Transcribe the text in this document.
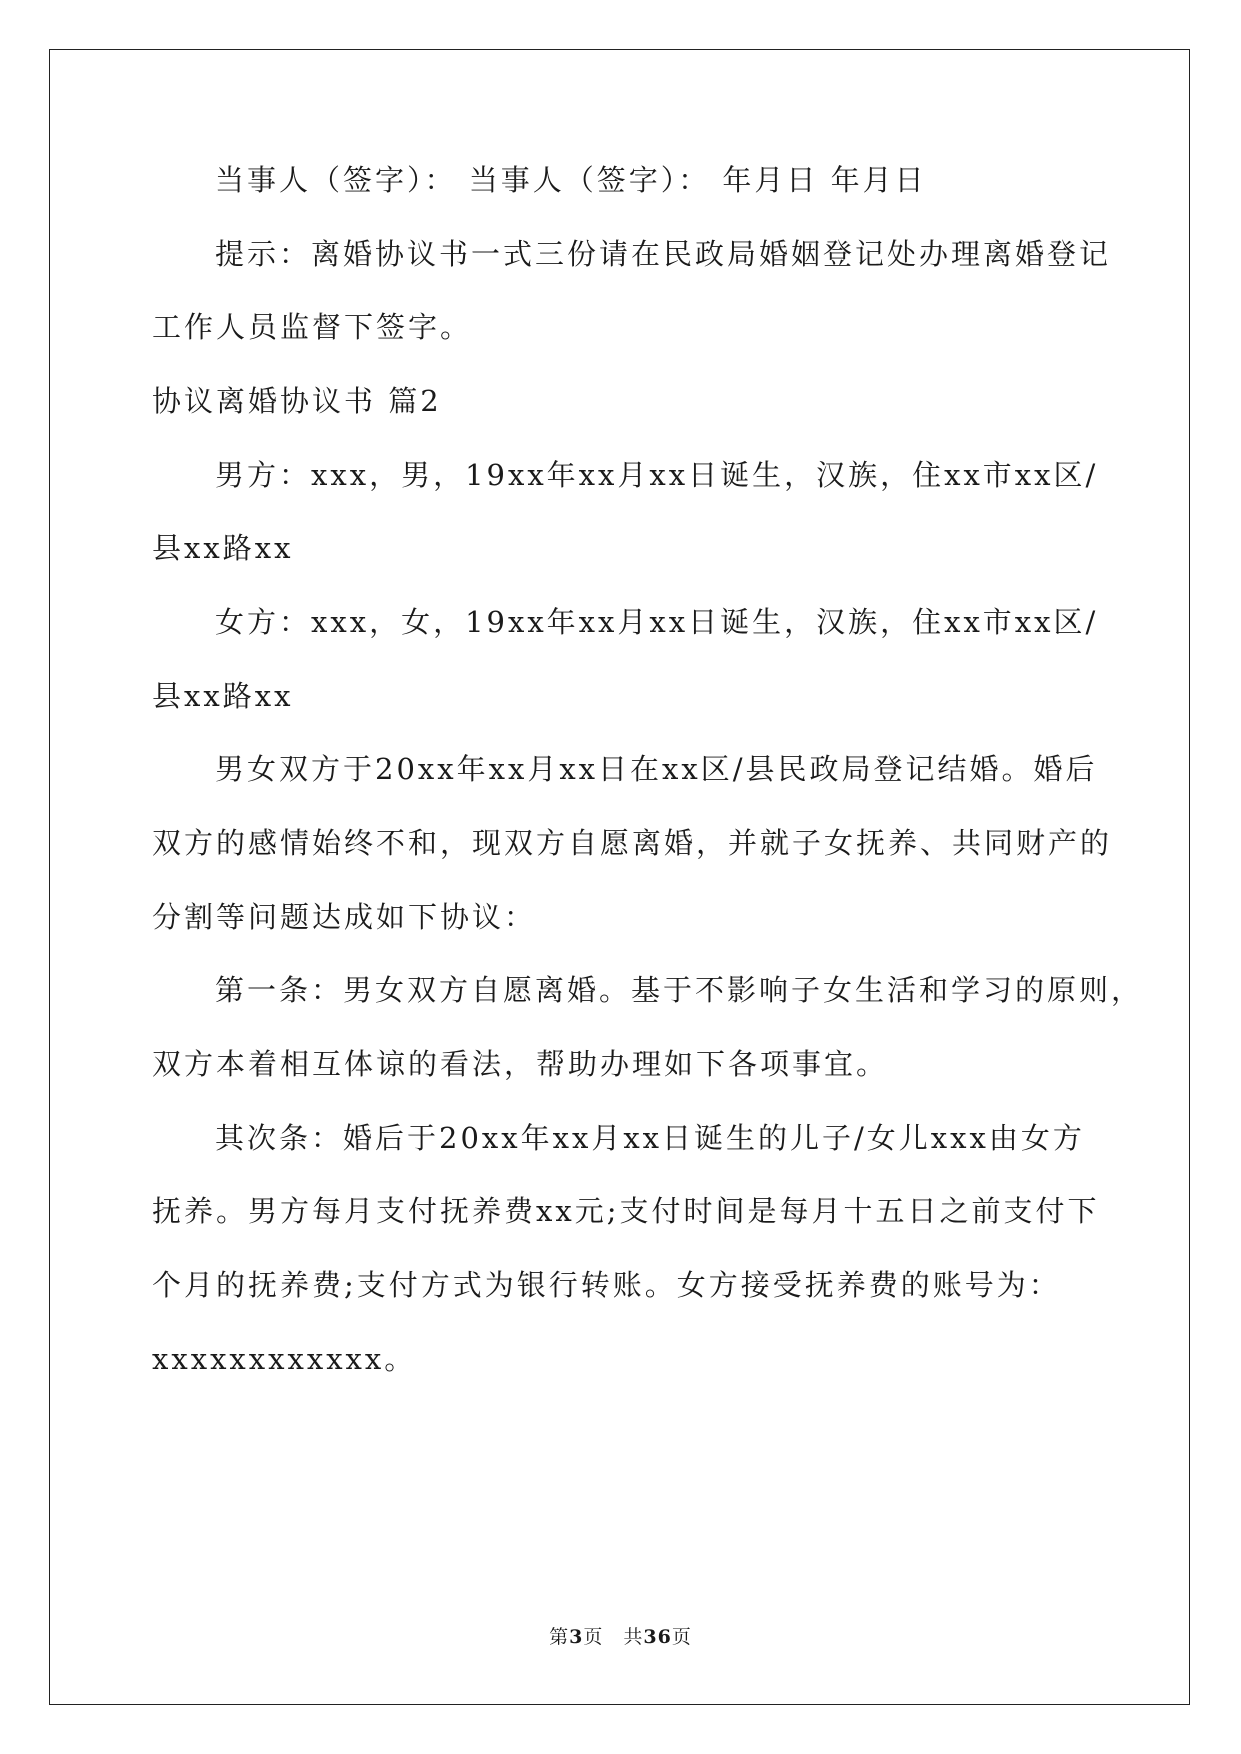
当事人（签字）： 当事人（签字）： 年月日 年月日
提示：离婚协议书一式三份请在民政局婚姻登记处办理离婚登记
工作人员监督下签字。
协议离婚协议书 篇2
男方：xxx，男，19xx年xx月xx日诞生，汉族，住xx市xx区/
县xx路xx
女方：xxx，女，19xx年xx月xx日诞生，汉族，住xx市xx区/
县xx路xx
男女双方于20xx年xx月xx日在xx区/县民政局登记结婚。婚后
双方的感情始终不和，现双方自愿离婚，并就子女抚养、共同财产的
分割等问题达成如下协议：
第一条：男女双方自愿离婚。基于不影响子女生活和学习的原则，
双方本着相互体谅的看法，帮助办理如下各项事宜。
其次条：婚后于20xx年xx月xx日诞生的儿子/女儿xxx由女方
抚养。男方每月支付抚养费xx元;支付时间是每月十五日之前支付下
个月的抚养费;支付方式为银行转账。女方接受抚养费的账号为：
xxxxxxxxxxxx。
第3页　共36页
